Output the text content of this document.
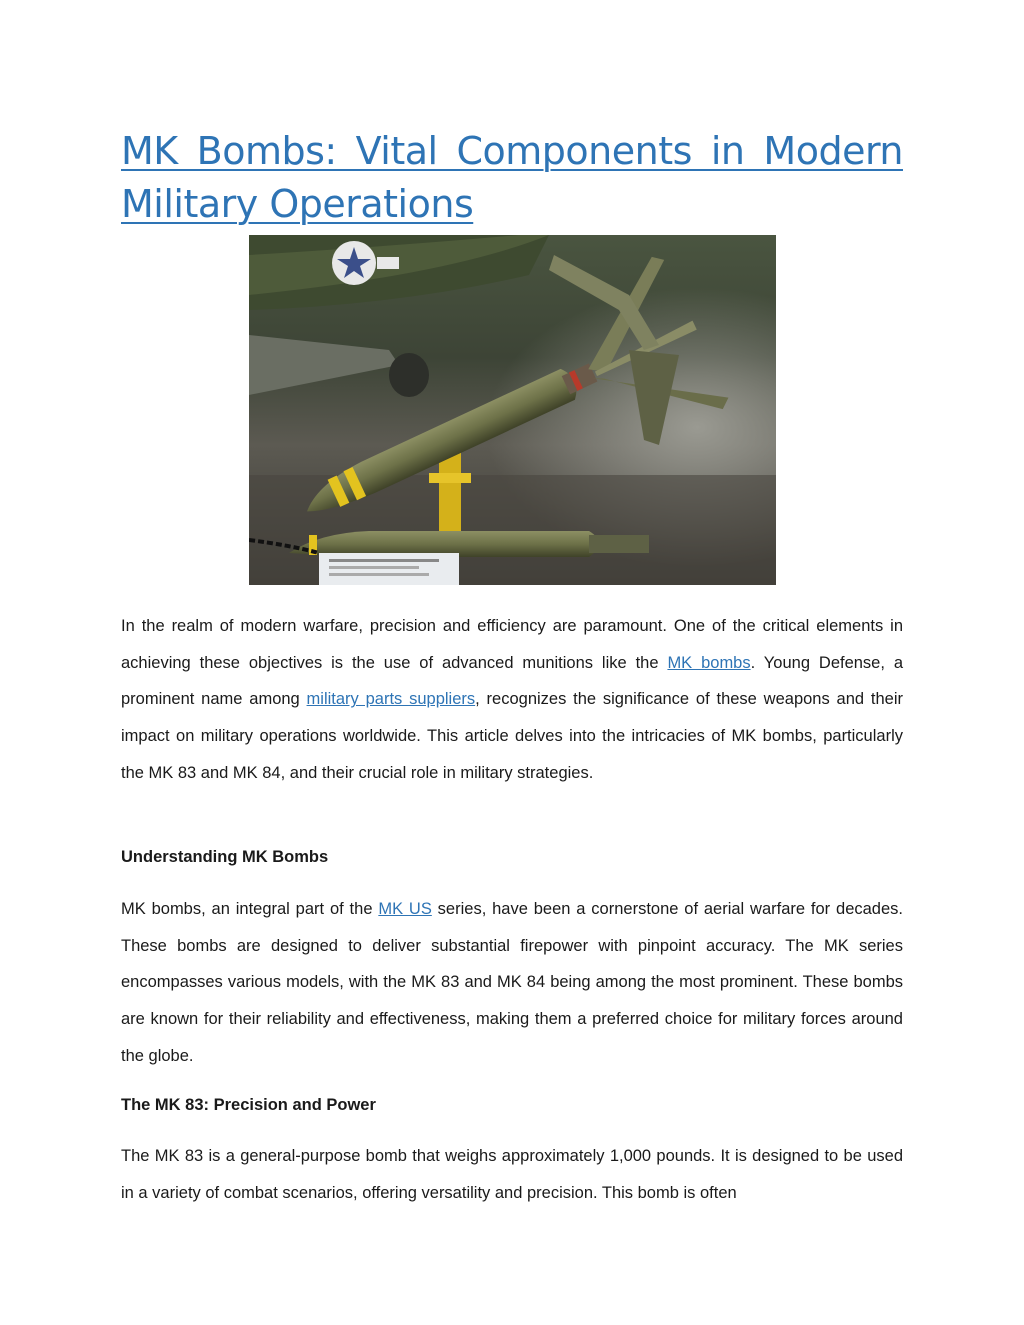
MK Bombs: Vital Components in Modern Military Operations

In the realm of modern warfare, precision and efficiency are paramount. One of the critical elements in achieving these objectives is the use of advanced munitions like the MK bombs. Young Defense, a prominent name among military parts suppliers, recognizes the significance of these weapons and their impact on military operations worldwide. This article delves into the intricacies of MK bombs, particularly the MK 83 and MK 84, and their crucial role in military strategies.

Understanding MK Bombs

MK bombs, an integral part of the MK US series, have been a cornerstone of aerial warfare for decades. These bombs are designed to deliver substantial firepower with pinpoint accuracy. The MK series encompasses various models, with the MK 83 and MK 84 being among the most prominent. These bombs are known for their reliability and effectiveness, making them a preferred choice for military forces around the globe.

The MK 83: Precision and Power

The MK 83 is a general-purpose bomb that weighs approximately 1,000 pounds. It is designed to be used in a variety of combat scenarios, offering versatility and precision. This bomb is often
